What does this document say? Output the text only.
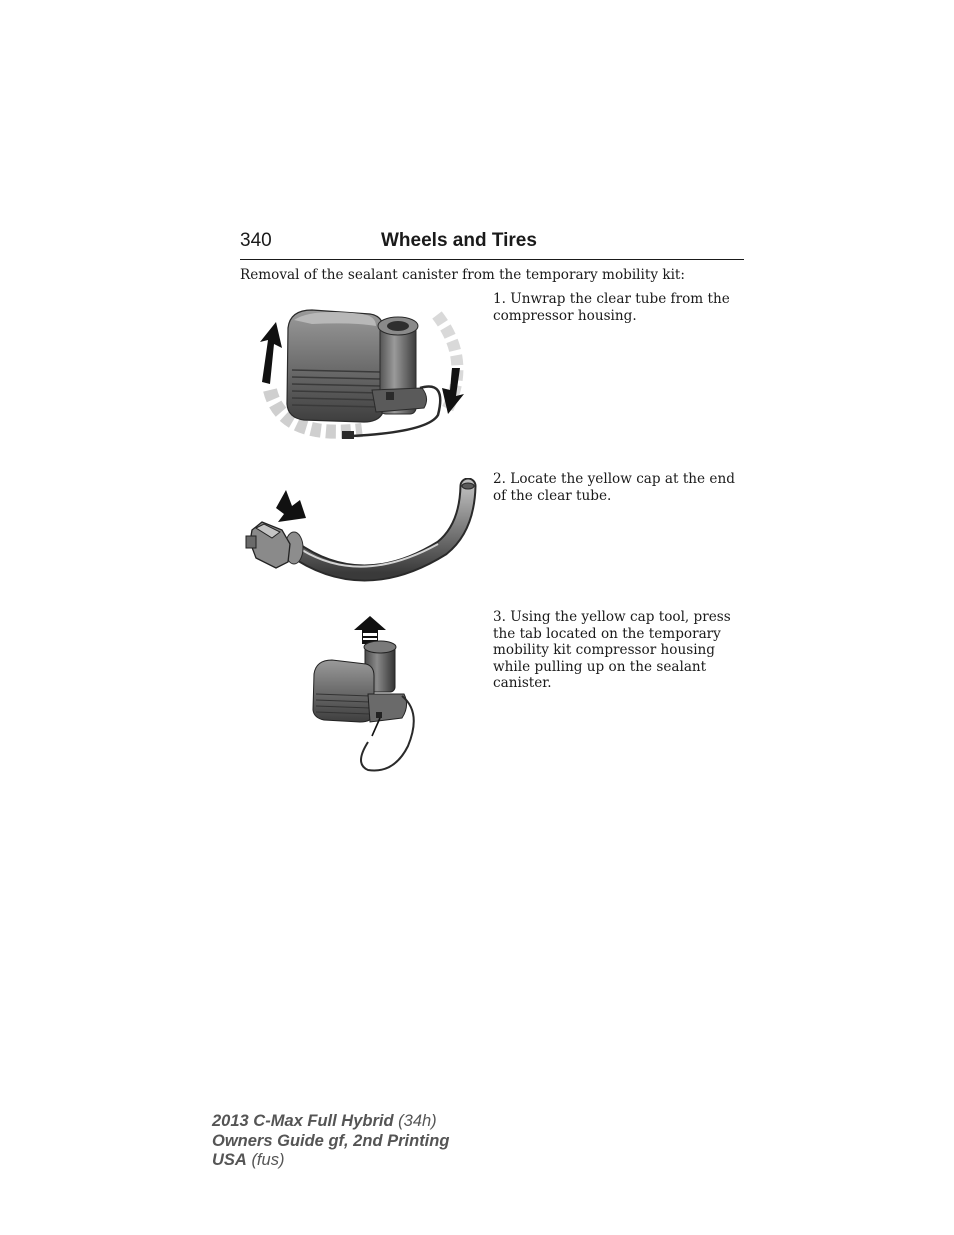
340	Wheels and Tires
Removal of the sealant canister from the temporary mobility kit:
1. Unwrap the clear tube from the compressor housing.
2. Locate the yellow cap at the end of the clear tube.
3. Using the yellow cap tool, press the tab located on the temporary mobility kit compressor housing while pulling up on the sealant canister.
2013 C-Max Full Hybrid (34h)
Owners Guide gf, 2nd Printing
USA (fus)
